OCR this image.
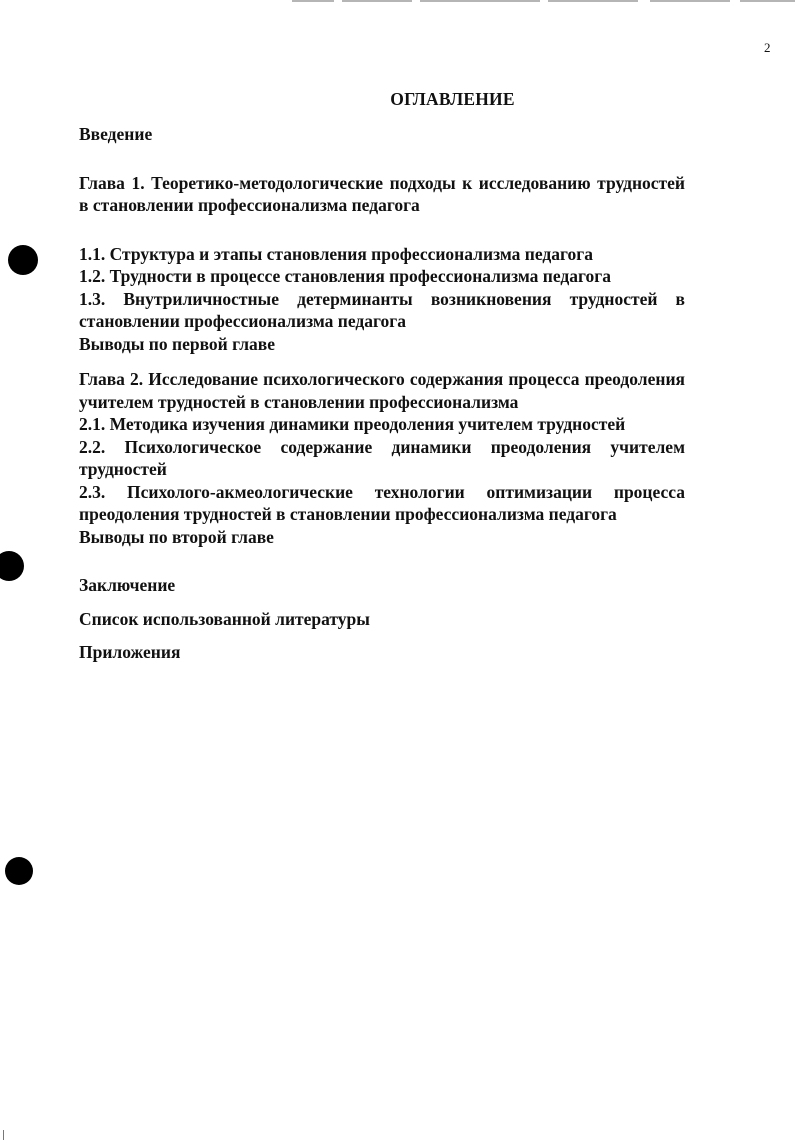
2
ОГЛАВЛЕНИЕ

Введение

Глава 1. Теоретико-методологические подходы к исследованию трудностей в становлении профессионализма педагога

1.1. Структура и этапы становления профессионализма педагога

1.2. Трудности в процессе становления профессионализма педагога

1.3. Внутриличностные детерминанты возникновения трудностей в становлении профессионализма педагога

Выводы по первой главе

Глава 2. Исследование психологического содержания процесса преодоления учителем трудностей в становлении профессионализма

2.1. Методика изучения динамики преодоления учителем трудностей

2.2. Психологическое содержание динамики преодоления учителем трудностей

2.3. Психолого-акмеологические технологии оптимизации процесса преодоления трудностей в становлении профессионализма педагога

Выводы по второй главе

Заключение

Список использованной литературы

Приложения
